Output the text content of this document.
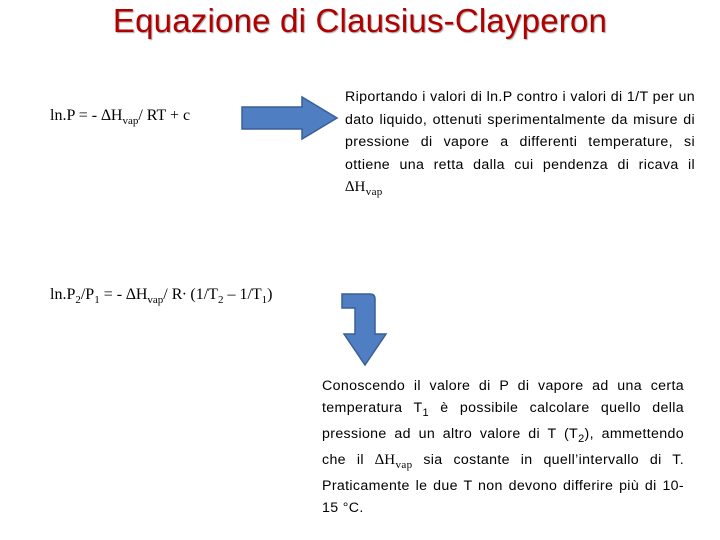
Equazione di Clausius-Clayperon
ln.P = - $\Delta H_{vap}/$ RT + c
Riportando i valori di ln.P contro i valori di 1/T per un dato liquido, ottenuti sperimentalmente da misure di pressione di vapore a differenti temperature, si ottiene una retta dalla cui pendenza di ricava il $\Delta H_{vap}$
$\ln.P_2/P_1$ = - $\Delta H_{vap}/$ $R\cdot (1/T_2 - 1/T_1)$
Conoscendo il valore di P di vapore ad una certa temperatura $T_1$ è possibile calcolare quello della pressione ad un altro valore di T $(T_2)$, ammettendo che il $\Delta H_{vap}$ sia costante in quell’intervallo di T. Praticamente le due T non devono differire più di 10-15 °C.
